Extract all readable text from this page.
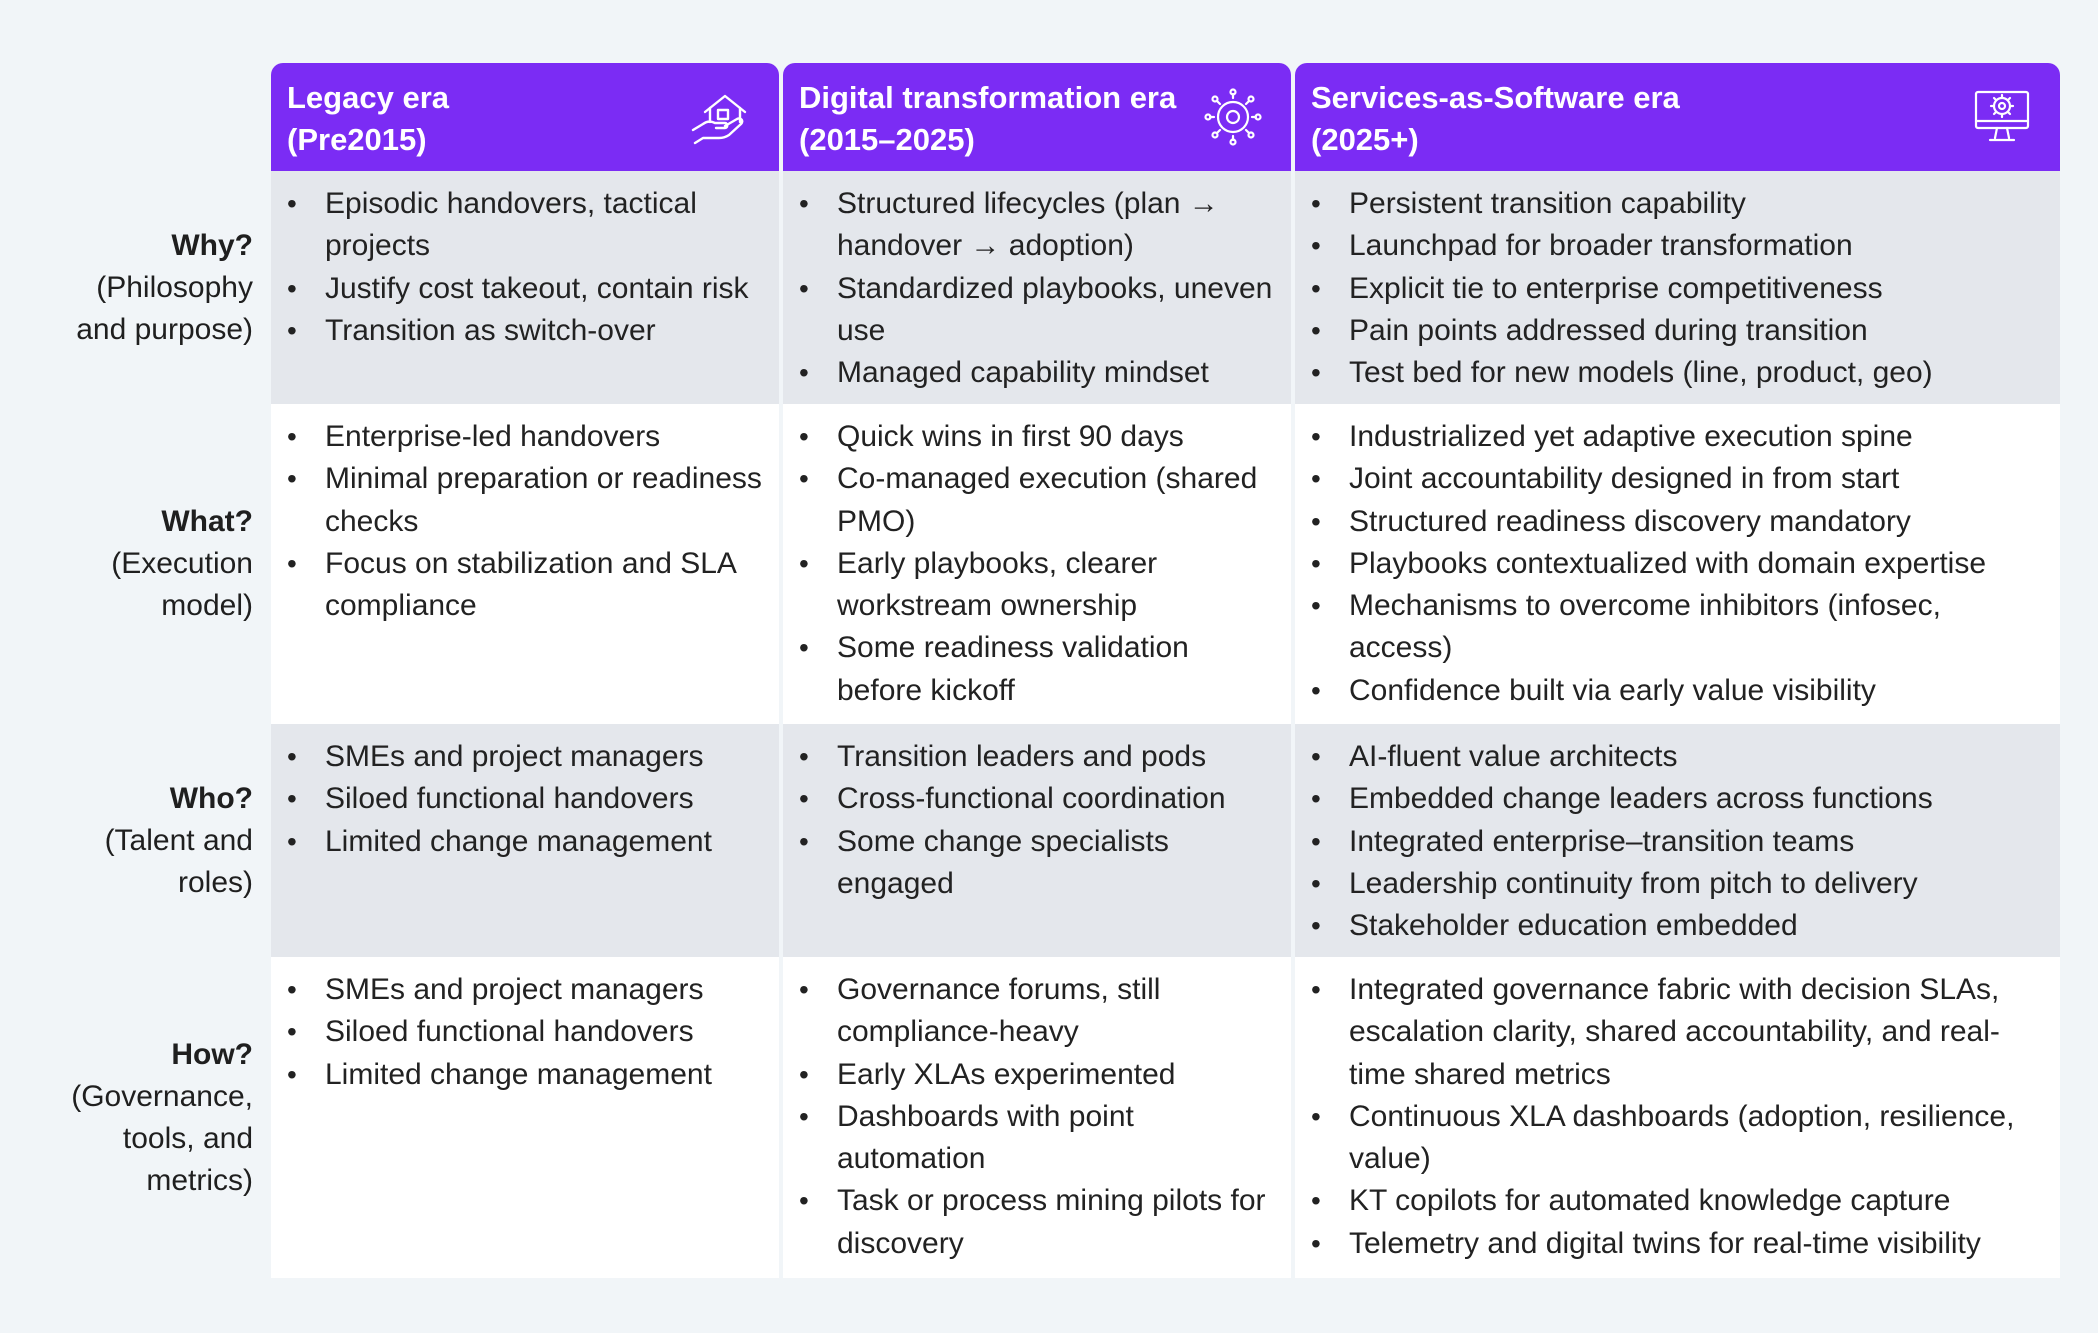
Legacy era
(Pre2015)
Digital transformation era
(2015–2025)
Services-as-Software era
(2025+)
Why?
(Philosophy
and purpose)
• Episodic handovers, tactical projects
• Justify cost takeout, contain risk
• Transition as switch-over
• Structured lifecycles (plan → handover → adoption)
• Standardized playbooks, uneven use
• Managed capability mindset
• Persistent transition capability
• Launchpad for broader transformation
• Explicit tie to enterprise competitiveness
• Pain points addressed during transition
• Test bed for new models (line, product, geo)
What?
(Execution
model)
• Enterprise-led handovers
• Minimal preparation or readiness checks
• Focus on stabilization and SLA compliance
• Quick wins in first 90 days
• Co-managed execution (shared PMO)
• Early playbooks, clearer workstream ownership
• Some readiness validation before kickoff
• Industrialized yet adaptive execution spine
• Joint accountability designed in from start
• Structured readiness discovery mandatory
• Playbooks contextualized with domain expertise
• Mechanisms to overcome inhibitors (infosec, access)
• Confidence built via early value visibility
Who?
(Talent and
roles)
• SMEs and project managers
• Siloed functional handovers
• Limited change management
• Transition leaders and pods
• Cross-functional coordination
• Some change specialists engaged
• AI-fluent value architects
• Embedded change leaders across functions
• Integrated enterprise–transition teams
• Leadership continuity from pitch to delivery
• Stakeholder education embedded
How?
(Governance,
tools, and
metrics)
• SMEs and project managers
• Siloed functional handovers
• Limited change management
• Governance forums, still compliance-heavy
• Early XLAs experimented
• Dashboards with point automation
• Task or process mining pilots for discovery
• Integrated governance fabric with decision SLAs, escalation clarity, shared accountability, and real-time shared metrics
• Continuous XLA dashboards (adoption, resilience, value)
• KT copilots for automated knowledge capture
• Telemetry and digital twins for real-time visibility
